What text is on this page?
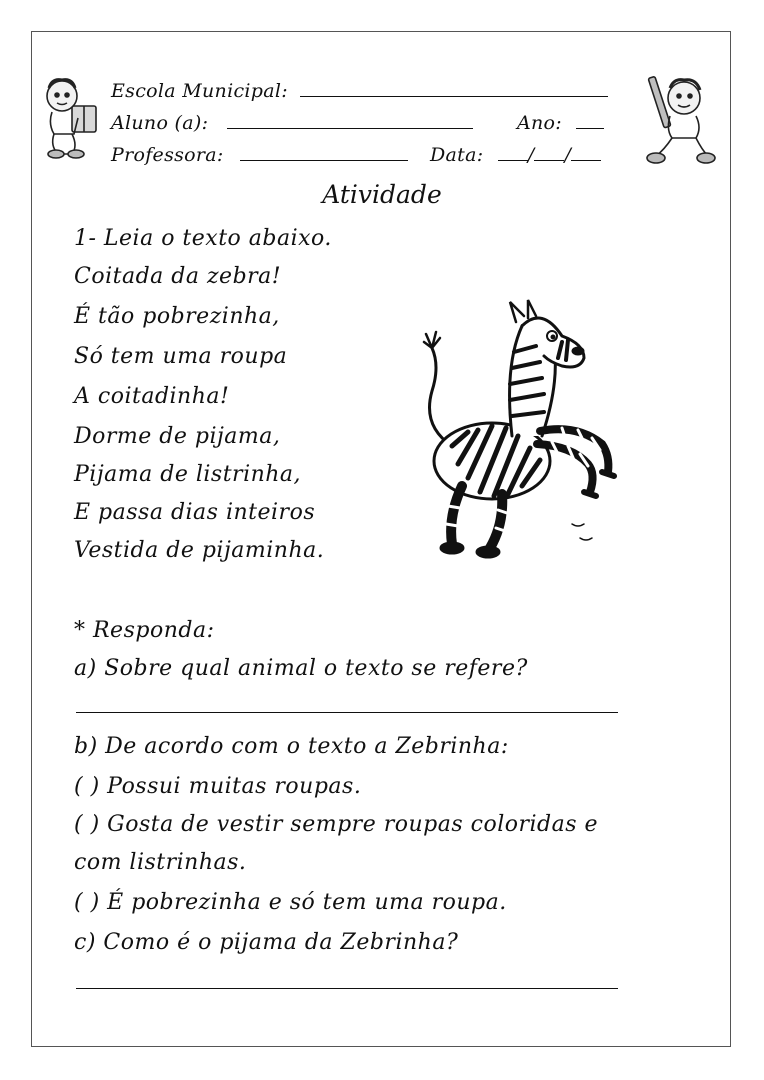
Escola Municipal:
Aluno (a):	Ano:
Professora:	Data: / /
Atividade
1- Leia o texto abaixo.
Coitada da zebra!
É tão pobrezinha,
Só tem uma roupa
A coitadinha!
Dorme de pijama,
Pijama de listrinha,
E passa dias inteiros
Vestida de pijaminha.
* Responda:
a) Sobre qual animal o texto se refere?
b) De acordo com o texto a Zebrinha:
( ) Possui muitas roupas.
( ) Gosta de vestir sempre roupas coloridas e
com listrinhas.
( ) É pobrezinha e só tem uma roupa.
c) Como é o pijama da Zebrinha?
